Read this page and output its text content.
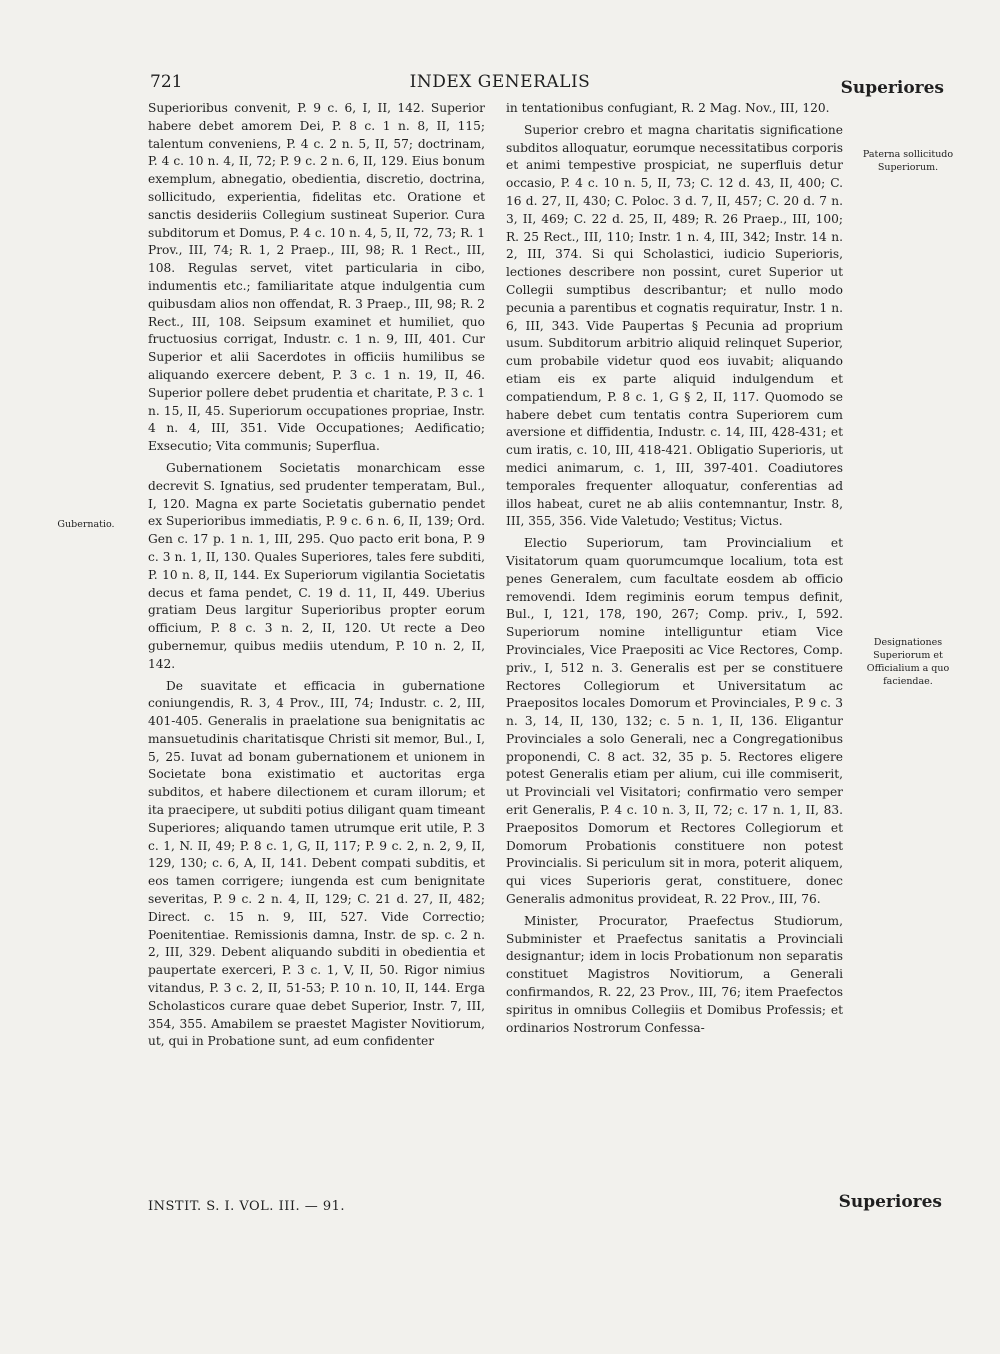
721	INDEX GENERALIS	Superiores
Gubernatio.
Paterna sollicitudo Superiorum.
Designationes Superiorum et Officialium a quo faciendae.

Superioribus convenit, P. 9 c. 6, I, II, 142. Superior habere debet amorem Dei, P. 8 c. 1 n. 8, II, 115; talentum conveniens, P. 4 c. 2 n. 5, II, 57; doctrinam, P. 4 c. 10 n. 4, II, 72; P. 9 c. 2 n. 6, II, 129. Eius bonum exemplum, abnegatio, obedientia, discretio, doctrina, sollicitudo, experientia, fidelitas etc. Oratione et sanctis desideriis Collegium sustineat Superior. Cura subditorum et Domus, P. 4 c. 10 n. 4, 5, II, 72, 73; R. 1 Prov., III, 74; R. 1, 2 Praep., III, 98; R. 1 Rect., III, 108. Regulas servet, vitet particularia in cibo, indumentis etc.; familiaritate atque indulgentia cum quibusdam alios non offendat, R. 3 Praep., III, 98; R. 2 Rect., III, 108. Seipsum examinet et humiliet, quo fructuosius corrigat, Industr. c. 1 n. 9, III, 401. Cur Superior et alii Sacerdotes in officiis humilibus se aliquando exercere debent, P. 3 c. 1 n. 19, II, 46. Superior pollere debet prudentia et charitate, P. 3 c. 1 n. 15, II, 45. Superiorum occupationes propriae, Instr. 4 n. 4, III, 351. Vide Occupationes; Aedificatio; Exsecutio; Vita communis; Superflua.

Gubernationem Societatis monarchicam esse decrevit S. Ignatius, sed prudenter temperatam, Bul., I, 120. Magna ex parte Societatis gubernatio pendet ex Superioribus immediatis, P. 9 c. 6 n. 6, II, 139; Ord. Gen c. 17 p. 1 n. 1, III, 295. Quo pacto erit bona, P. 9 c. 3 n. 1, II, 130. Quales Superiores, tales fere subditi, P. 10 n. 8, II, 144. Ex Superiorum vigilantia Societatis decus et fama pendet, C. 19 d. 11, II, 449. Uberius gratiam Deus largitur Superioribus propter eorum officium, P. 8 c. 3 n. 2, II, 120. Ut recte a Deo gubernemur, quibus mediis utendum, P. 10 n. 2, II, 142.

De suavitate et efficacia in gubernatione coniungendis, R. 3, 4 Prov., III, 74; Industr. c. 2, III, 401-405. Generalis in praelatione sua benignitatis ac mansuetudinis charitatisque Christi sit memor, Bul., I, 5, 25. Iuvat ad bonam gubernationem et unionem in Societate bona existimatio et auctoritas erga subditos, et habere dilectionem et curam illorum; et ita praecipere, ut subditi potius diligant quam timeant Superiores; aliquando tamen utrumque erit utile, P. 3 c. 1, N. II, 49; P. 8 c. 1, G, II, 117; P. 9 c. 2, n. 2, 9, II, 129, 130; c. 6, A, II, 141. Debent compati subditis, et eos tamen corrigere; iungenda est cum benignitate severitas, P. 9 c. 2 n. 4, II, 129; C. 21 d. 27, II, 482; Direct. c. 15 n. 9, III, 527. Vide Correctio; Poenitentiae. Remissionis damna, Instr. de sp. c. 2 n. 2, III, 329. Debent aliquando subditi in obedientia et paupertate exerceri, P. 3 c. 1, V, II, 50. Rigor nimius vitandus, P. 3 c. 2, II, 51-53; P. 10 n. 10, II, 144. Erga Scholasticos curare quae debet Superior, Instr. 7, III, 354, 355. Amabilem se praestet Magister Novitiorum, ut, qui in Probatione sunt, ad eum confidenter

in tentationibus confugiant, R. 2 Mag. Nov., III, 120.

Superior crebro et magna charitatis significatione subditos alloquatur, eorumque necessitatibus corporis et animi tempestive prospiciat, ne superfluis detur occasio, P. 4 c. 10 n. 5, II, 73; C. 12 d. 43, II, 400; C. 16 d. 27, II, 430; C. Poloc. 3 d. 7, II, 457; C. 20 d. 7 n. 3, II, 469; C. 22 d. 25, II, 489; R. 26 Praep., III, 100; R. 25 Rect., III, 110; Instr. 1 n. 4, III, 342; Instr. 14 n. 2, III, 374. Si qui Scholastici, iudicio Superioris, lectiones describere non possint, curet Superior ut Collegii sumptibus describantur; et nullo modo pecunia a parentibus et cognatis requiratur, Instr. 1 n. 6, III, 343. Vide Paupertas § Pecunia ad proprium usum. Subditorum arbitrio aliquid relinquet Superior, cum probabile videtur quod eos iuvabit; aliquando etiam eis ex parte aliquid indulgendum et compatiendum, P. 8 c. 1, G § 2, II, 117. Quomodo se habere debet cum tentatis contra Superiorem cum aversione et diffidentia, Industr. c. 14, III, 428-431; et cum iratis, c. 10, III, 418-421. Obligatio Superioris, ut medici animarum, c. 1, III, 397-401. Coadiutores temporales frequenter alloquatur, conferentias ad illos habeat, curet ne ab aliis contemnantur, Instr. 8, III, 355, 356. Vide Valetudo; Vestitus; Victus.

Electio Superiorum, tam Provincialium et Visitatorum quam quorumcumque localium, tota est penes Generalem, cum facultate eosdem ab officio removendi. Idem regiminis eorum tempus definit, Bul., I, 121, 178, 190, 267; Comp. priv., I, 592. Superiorum nomine intelliguntur etiam Vice Provinciales, Vice Praepositi ac Vice Rectores, Comp. priv., I, 512 n. 3. Generalis est per se constituere Rectores Collegiorum et Universitatum ac Praepositos locales Domorum et Provinciales, P. 9 c. 3 n. 3, 14, II, 130, 132; c. 5 n. 1, II, 136. Eligantur Provinciales a solo Generali, nec a Congregationibus proponendi, C. 8 act. 32, 35 p. 5. Rectores eligere potest Generalis etiam per alium, cui ille commiserit, ut Provinciali vel Visitatori; confirmatio vero semper erit Generalis, P. 4 c. 10 n. 3, II, 72; c. 17 n. 1, II, 83. Praepositos Domorum et Rectores Collegiorum et Domorum Probationis constituere non potest Provincialis. Si periculum sit in mora, poterit aliquem, qui vices Superioris gerat, constituere, donec Generalis admonitus provideat, R. 22 Prov., III, 76.

Minister, Procurator, Praefectus Studiorum, Subminister et Praefectus sanitatis a Provinciali designantur; idem in locis Probationum non separatis constituet Magistros Novitiorum, a Generali confirmandos, R. 22, 23 Prov., III, 76; item Praefectos spiritus in omnibus Collegiis et Domibus Professis; et ordinarios Nostrorum Confessa-

INSTIT. S. I. VOL. III. — 91.	Superiores
